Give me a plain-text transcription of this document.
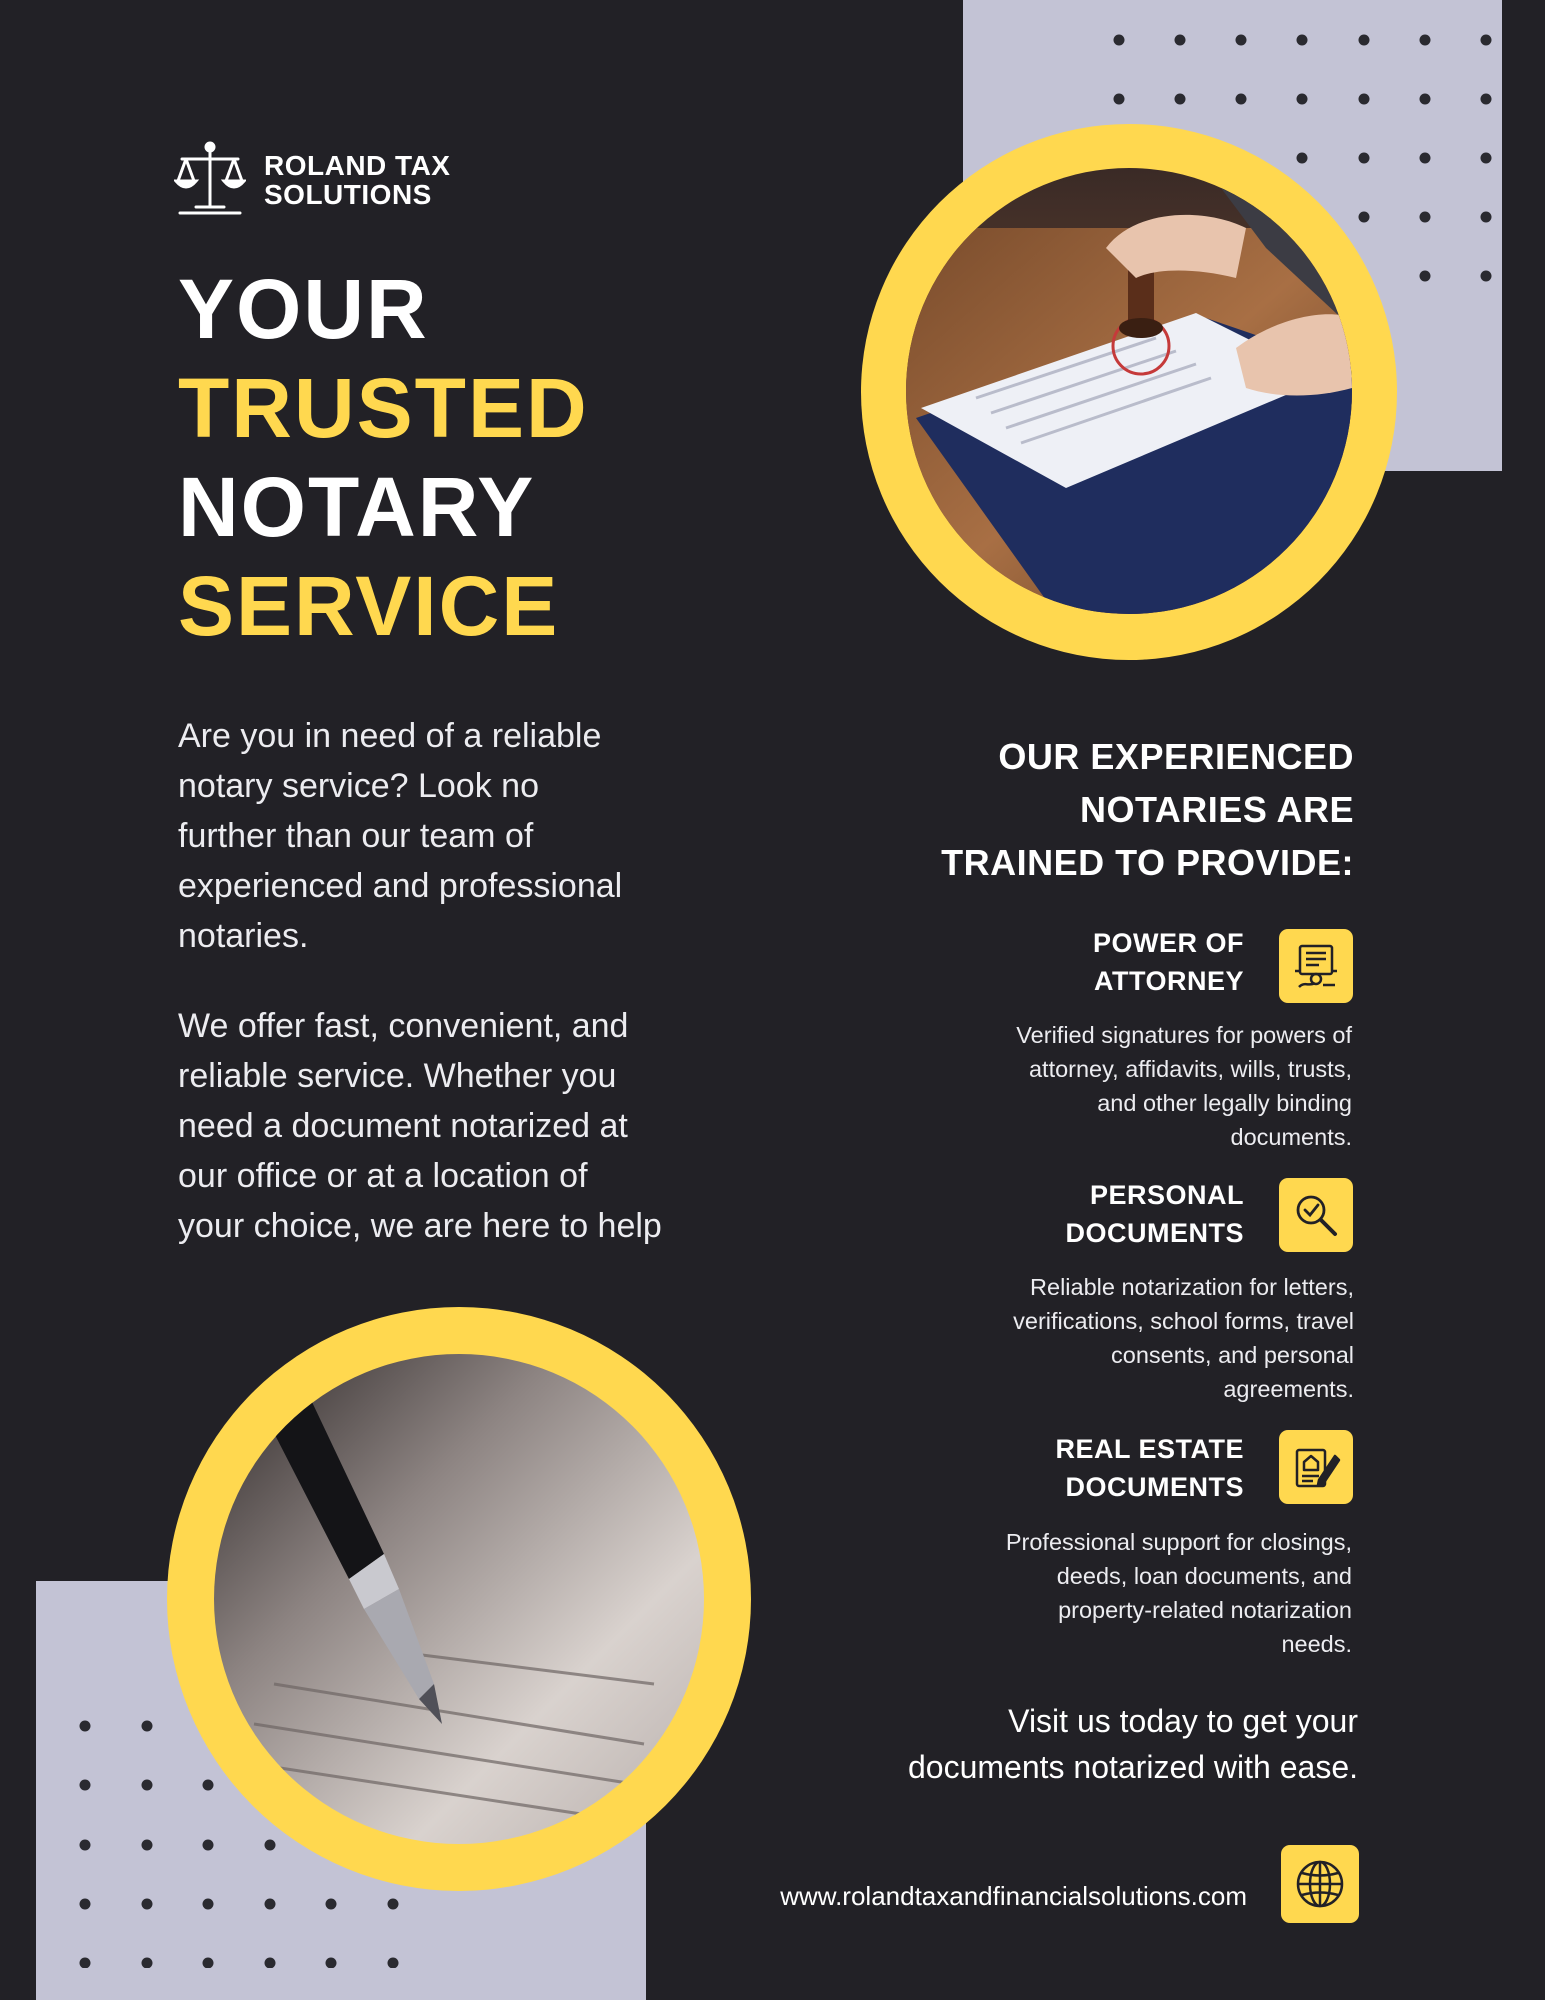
ROLAND TAX
SOLUTIONS
YOUR
TRUSTED
NOTARY
SERVICE
Are you in need of a reliable
notary service? Look no
further than our team of
experienced and professional
notaries.
We offer fast, convenient, and
reliable service. Whether you
need a document notarized at
our office or at a location of
your choice, we are here to help
OUR EXPERIENCED
NOTARIES ARE
TRAINED TO PROVIDE:
POWER OF
ATTORNEY
Verified signatures for powers of
attorney, affidavits, wills, trusts,
and other legally binding
documents.
PERSONAL
DOCUMENTS
Reliable notarization for letters,
verifications, school forms, travel
consents, and personal
agreements.
REAL ESTATE
DOCUMENTS
Professional support for closings,
deeds, loan documents, and
property-related notarization
needs.
Visit us today to get your
documents notarized with ease.
www.rolandtaxandfinancialsolutions.com
